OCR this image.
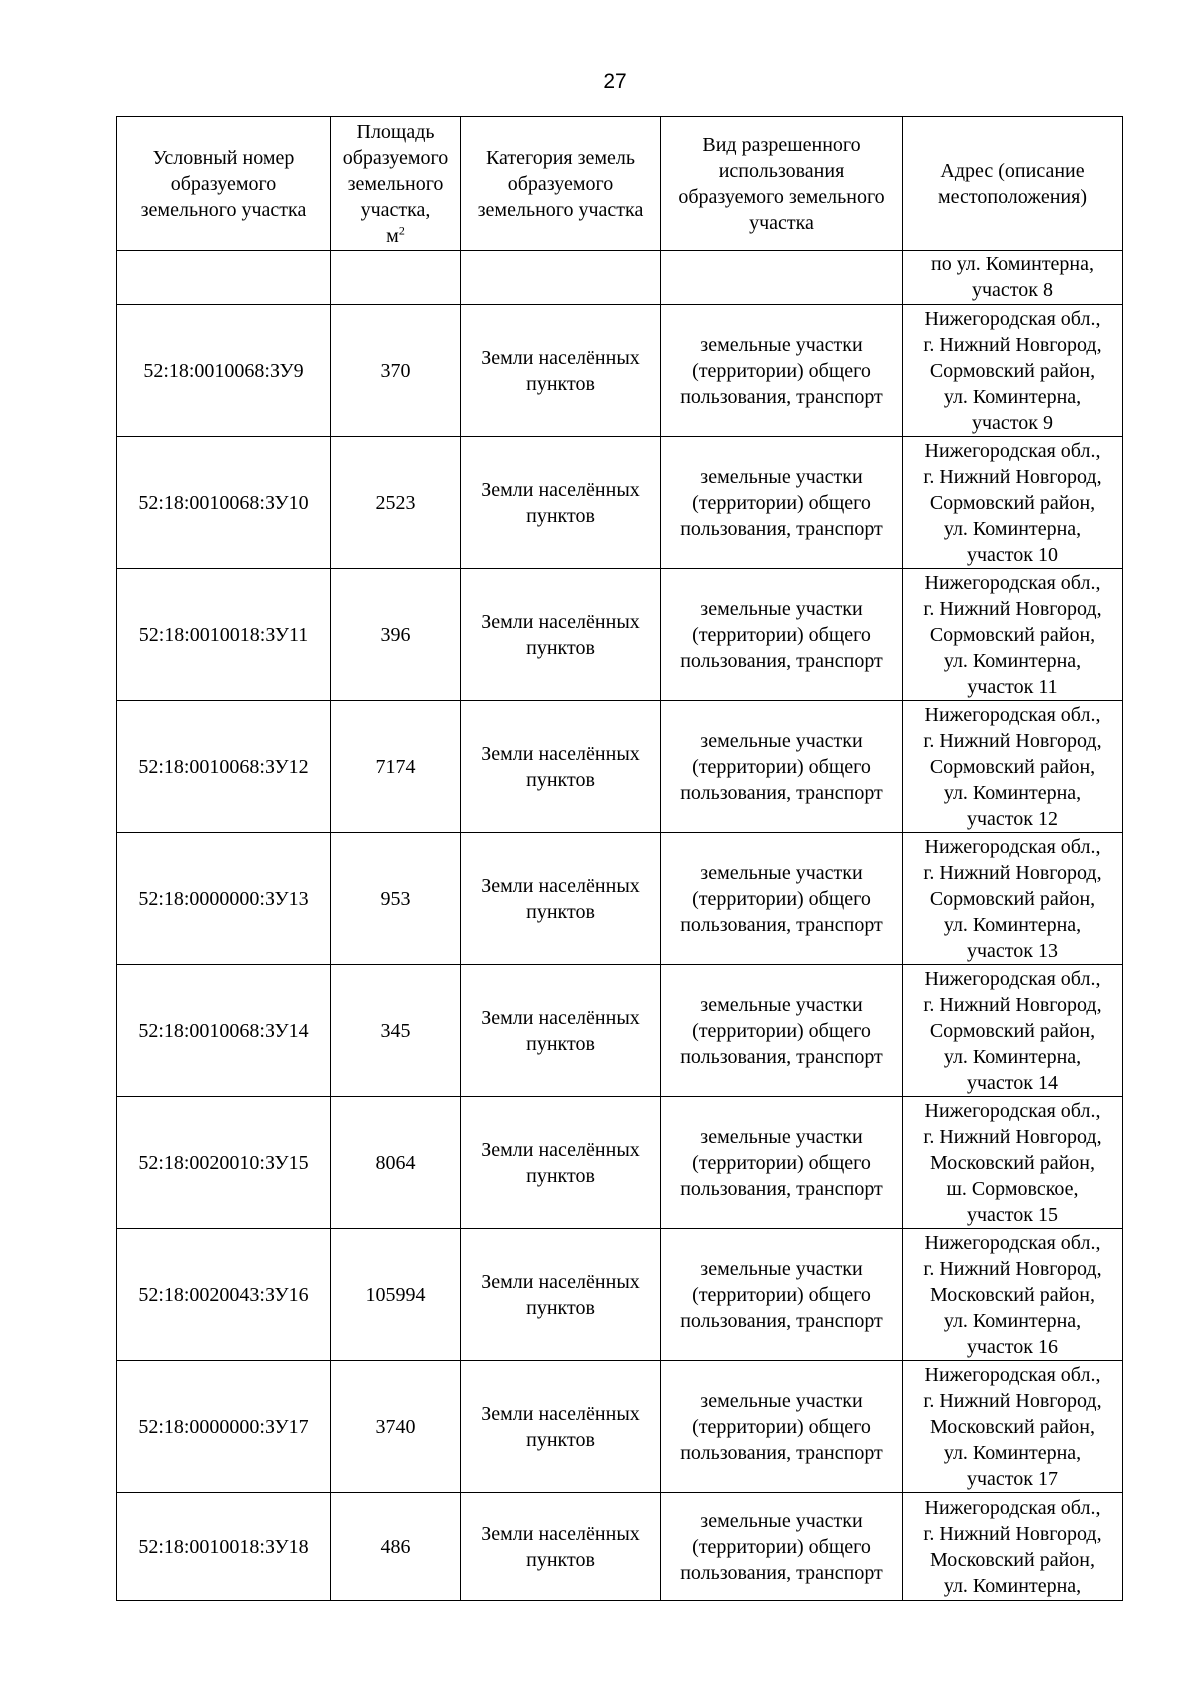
27
Условный номер
образуемого
земельного участка	Площадь
образуемого
земельного
участка,
$м^2$	Категория земель
образуемого
земельного участка	Вид разрешенного
использования
образуемого земельного
участка	Адрес (описание
местоположения)

				по ул. Коминтерна,
участок 8

52:18:0010068:ЗУ9	370	Земли населённых
пунктов	земельные участки
(территории) общего
пользования, транспорт	Нижегородская обл.,
г. Нижний Новгород,
Сормовский район,
ул. Коминтерна,
участок 9

52:18:0010068:ЗУ10	2523	Земли населённых
пунктов	земельные участки
(территории) общего
пользования, транспорт	Нижегородская обл.,
г. Нижний Новгород,
Сормовский район,
ул. Коминтерна,
участок 10

52:18:0010018:ЗУ11	396	Земли населённых
пунктов	земельные участки
(территории) общего
пользования, транспорт	Нижегородская обл.,
г. Нижний Новгород,
Сормовский район,
ул. Коминтерна,
участок 11

52:18:0010068:ЗУ12	7174	Земли населённых
пунктов	земельные участки
(территории) общего
пользования, транспорт	Нижегородская обл.,
г. Нижний Новгород,
Сормовский район,
ул. Коминтерна,
участок 12

52:18:0000000:ЗУ13	953	Земли населённых
пунктов	земельные участки
(территории) общего
пользования, транспорт	Нижегородская обл.,
г. Нижний Новгород,
Сормовский район,
ул. Коминтерна,
участок 13

52:18:0010068:ЗУ14	345	Земли населённых
пунктов	земельные участки
(территории) общего
пользования, транспорт	Нижегородская обл.,
г. Нижний Новгород,
Сормовский район,
ул. Коминтерна,
участок 14

52:18:0020010:ЗУ15	8064	Земли населённых
пунктов	земельные участки
(территории) общего
пользования, транспорт	Нижегородская обл.,
г. Нижний Новгород,
Московский район,
ш. Сормовское,
участок 15

52:18:0020043:ЗУ16	105994	Земли населённых
пунктов	земельные участки
(территории) общего
пользования, транспорт	Нижегородская обл.,
г. Нижний Новгород,
Московский район,
ул. Коминтерна,
участок 16

52:18:0000000:ЗУ17	3740	Земли населённых
пунктов	земельные участки
(территории) общего
пользования, транспорт	Нижегородская обл.,
г. Нижний Новгород,
Московский район,
ул. Коминтерна,
участок 17

52:18:0010018:ЗУ18	486	Земли населённых
пунктов	земельные участки
(территории) общего
пользования, транспорт	Нижегородская обл.,
г. Нижний Новгород,
Московский район,
ул. Коминтерна,
